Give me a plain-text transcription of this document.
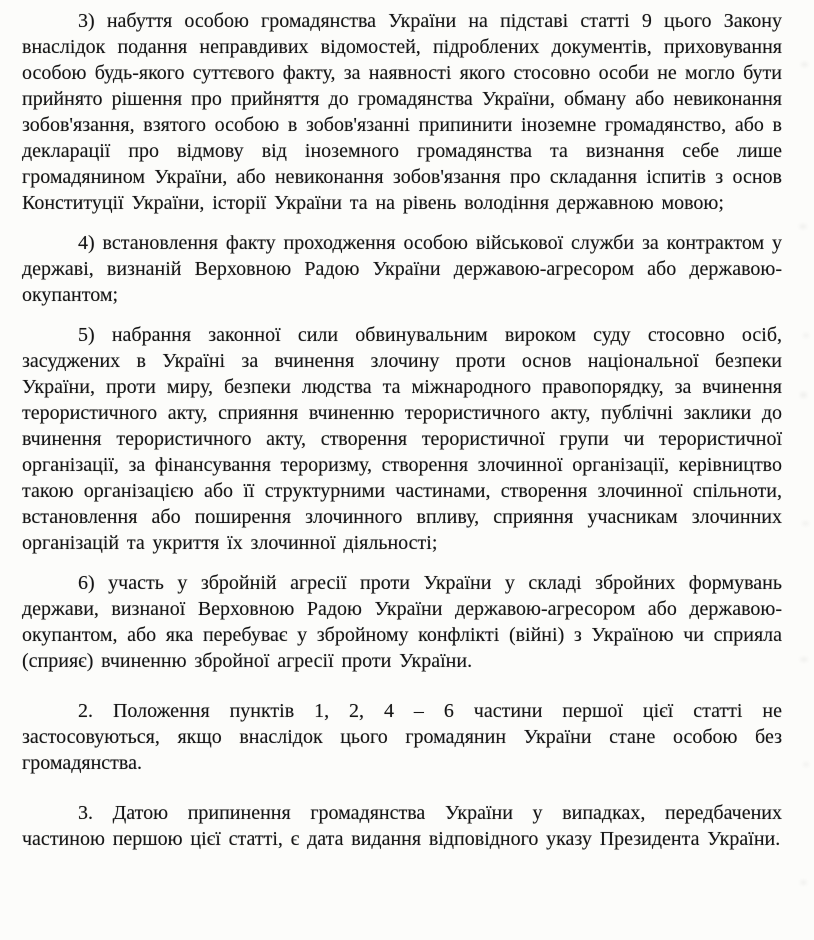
3) набуття особою громадянства України на підставі статті 9 цього Закону внаслідок подання неправдивих відомостей, підроблених документів, приховування особою будь-якого суттєвого факту, за наявності якого стосовно особи не могло бути прийнято рішення про прийняття до громадянства України, обману або невиконання зобов'язання, взятого особою в зобов'язанні припинити іноземне громадянство, або в декларації про відмову від іноземного громадянства та визнання себе лише громадянином України, або невиконання зобов'язання про складання іспитів з основ Конституції України, історії України та на рівень володіння державною мовою;

4) встановлення факту проходження особою військової служби за контрактом у державі, визнаній Верховною Радою України державою-агресором або державою-окупантом;

5) набрання законної сили обвинувальним вироком суду стосовно осіб, засуджених в Україні за вчинення злочину проти основ національної безпеки України, проти миру, безпеки людства та міжнародного правопорядку, за вчинення терористичного акту, сприяння вчиненню терористичного акту, публічні заклики до вчинення терористичного акту, створення терористичної групи чи терористичної організації, за фінансування тероризму, створення злочинної організації, керівництво такою організацією або її структурними частинами, створення злочинної спільноти, встановлення або поширення злочинного впливу, сприяння учасникам злочинних організацій та укриття їх злочинної діяльності;

6) участь у збройній агресії проти України у складі збройних формувань держави, визнаної Верховною Радою України державою-агресором або державою-окупантом, або яка перебуває у збройному конфлікті (війні) з Україною чи сприяла (сприяє) вчиненню збройної агресії проти України.

2. Положення пунктів 1, 2, 4 – 6 частини першої цієї статті не застосовуються, якщо внаслідок цього громадянин України стане особою без громадянства.

3. Датою припинення громадянства України у випадках, передбачених частиною першою цієї статті, є дата видання відповідного указу Президента України.
